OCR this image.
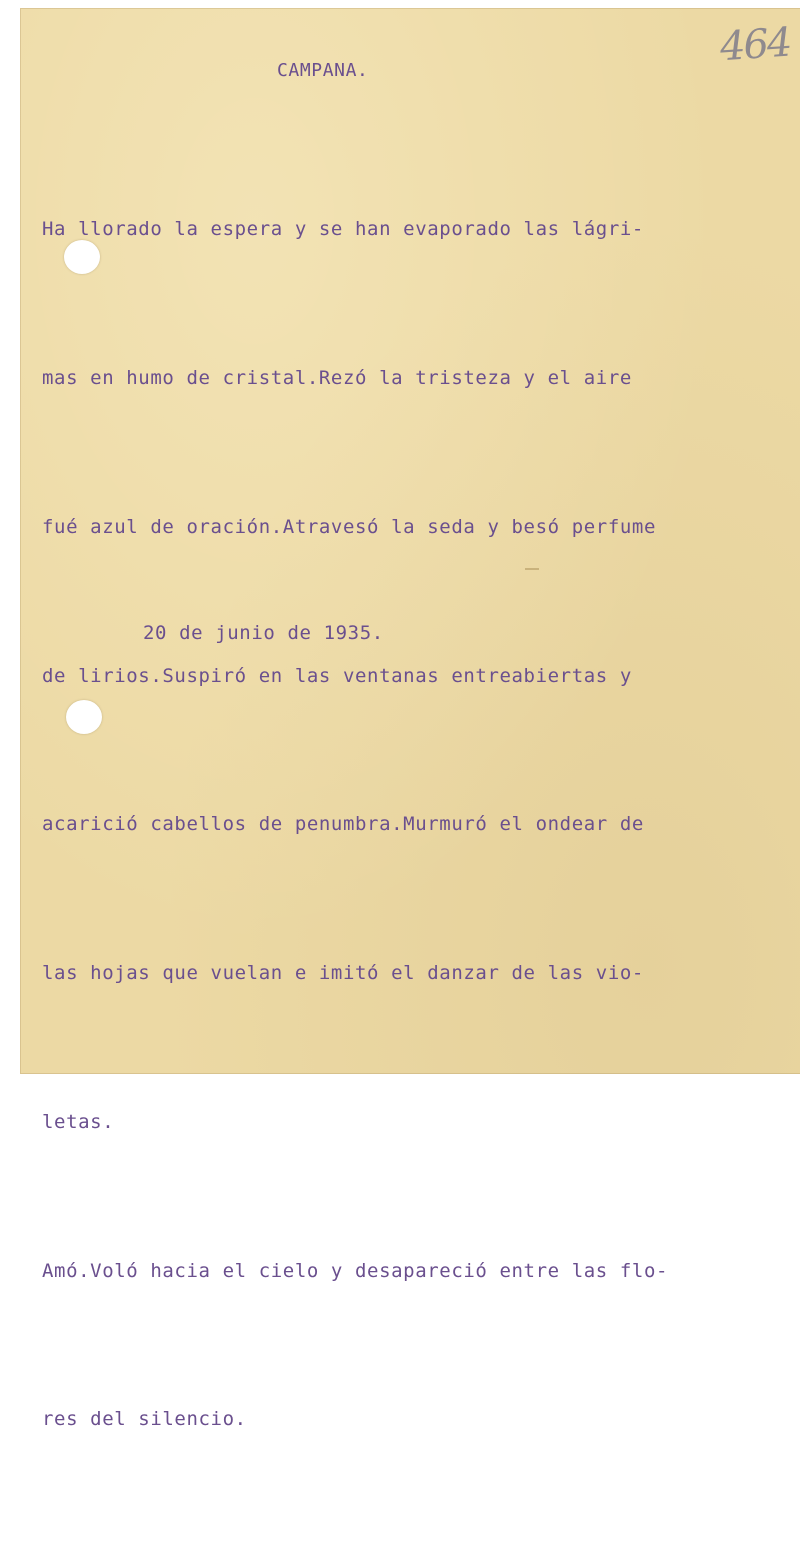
464

CAMPANA.

Ha llorado la espera y se han evaporado las lágri-

mas en humo de cristal.Rezó la tristeza y el aire

fué azul de oración.Atravesó la seda y besó perfume

de lirios.Suspiró en las ventanas entreabiertas y

acarició cabellos de penumbra.Murmuró el ondear de

las hojas que vuelan e imitó el danzar de las vio-

letas.

Amó.Voló hacia el cielo y desapareció entre las flo-

res del silencio.

20 de junio de 1935.
